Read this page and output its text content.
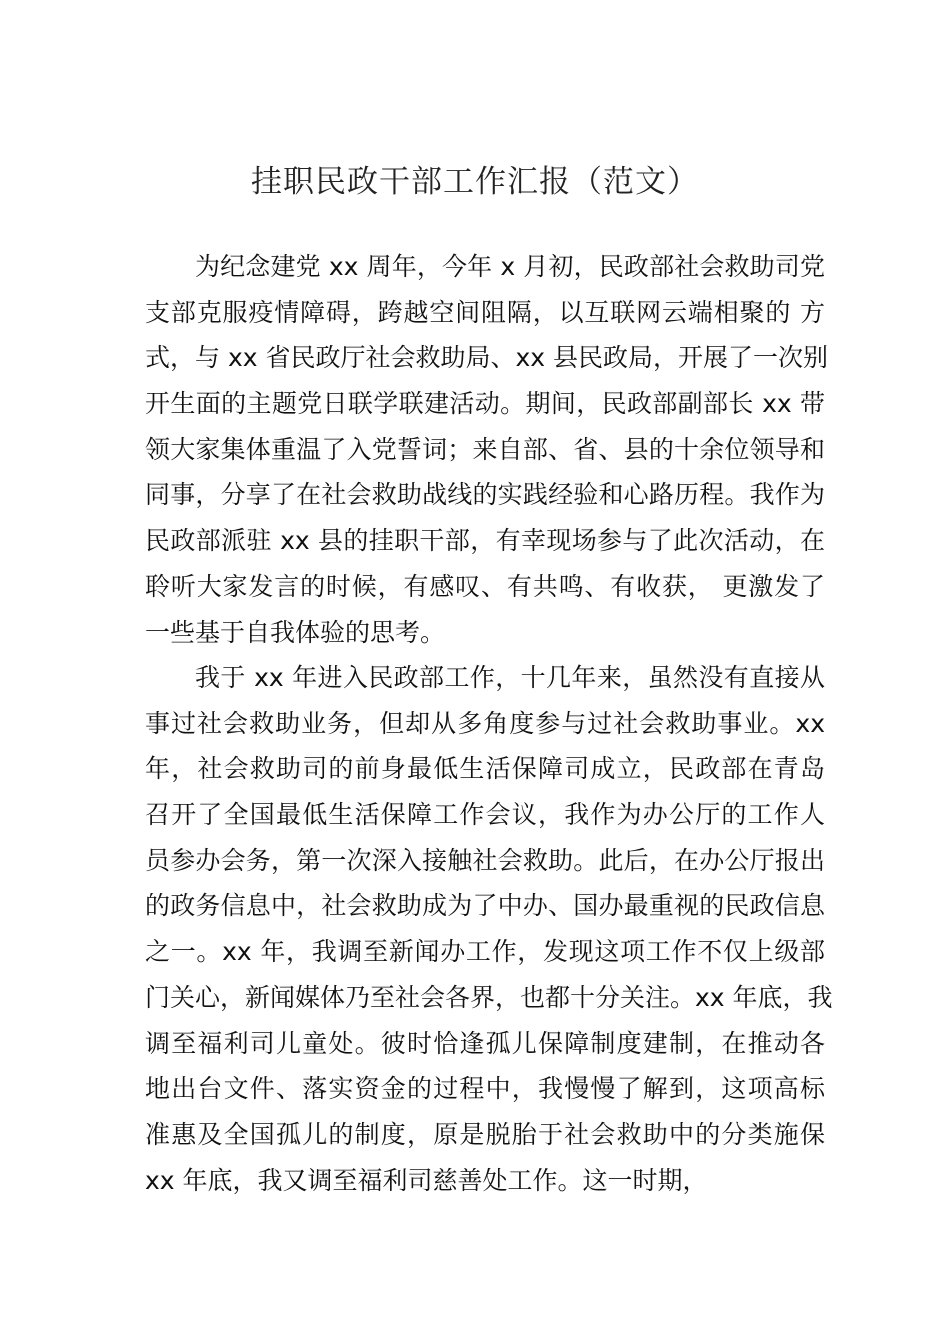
挂职民政干部工作汇报（范文）
为纪念建党 xx 周年，今年 x 月初，民政部社会救助司党
支部克服疫情障碍，跨越空间阻隔，以互联网云端相聚的 方
式，与 xx 省民政厅社会救助局、xx 县民政局，开展了一次别
开生面的主题党日联学联建活动。期间，民政部副部长 xx 带
领大家集体重温了入党誓词；来自部、省、县的十余位领导和
同事，分享了在社会救助战线的实践经验和心路历程。我作为
民政部派驻 xx 县的挂职干部，有幸现场参与了此次活动，在
聆听大家发言的时候，有感叹、有共鸣、有收获， 更激发了
一些基于自我体验的思考。
我于 xx 年进入民政部工作，十几年来，虽然没有直接从
事过社会救助业务，但却从多角度参与过社会救助事业。xx
年，社会救助司的前身最低生活保障司成立，民政部在青岛
召开了全国最低生活保障工作会议，我作为办公厅的工作人
员参办会务，第一次深入接触社会救助。此后，在办公厅报出
的政务信息中，社会救助成为了中办、国办最重视的民政信息
之一。xx 年，我调至新闻办工作，发现这项工作不仅上级部
门关心，新闻媒体乃至社会各界，也都十分关注。xx 年底，我
调至福利司儿童处。彼时恰逢孤儿保障制度建制，在推动各
地出台文件、落实资金的过程中，我慢慢了解到，这项高标
准惠及全国孤儿的制度，原是脱胎于社会救助中的分类施保
xx 年底，我又调至福利司慈善处工作。这一时期，
